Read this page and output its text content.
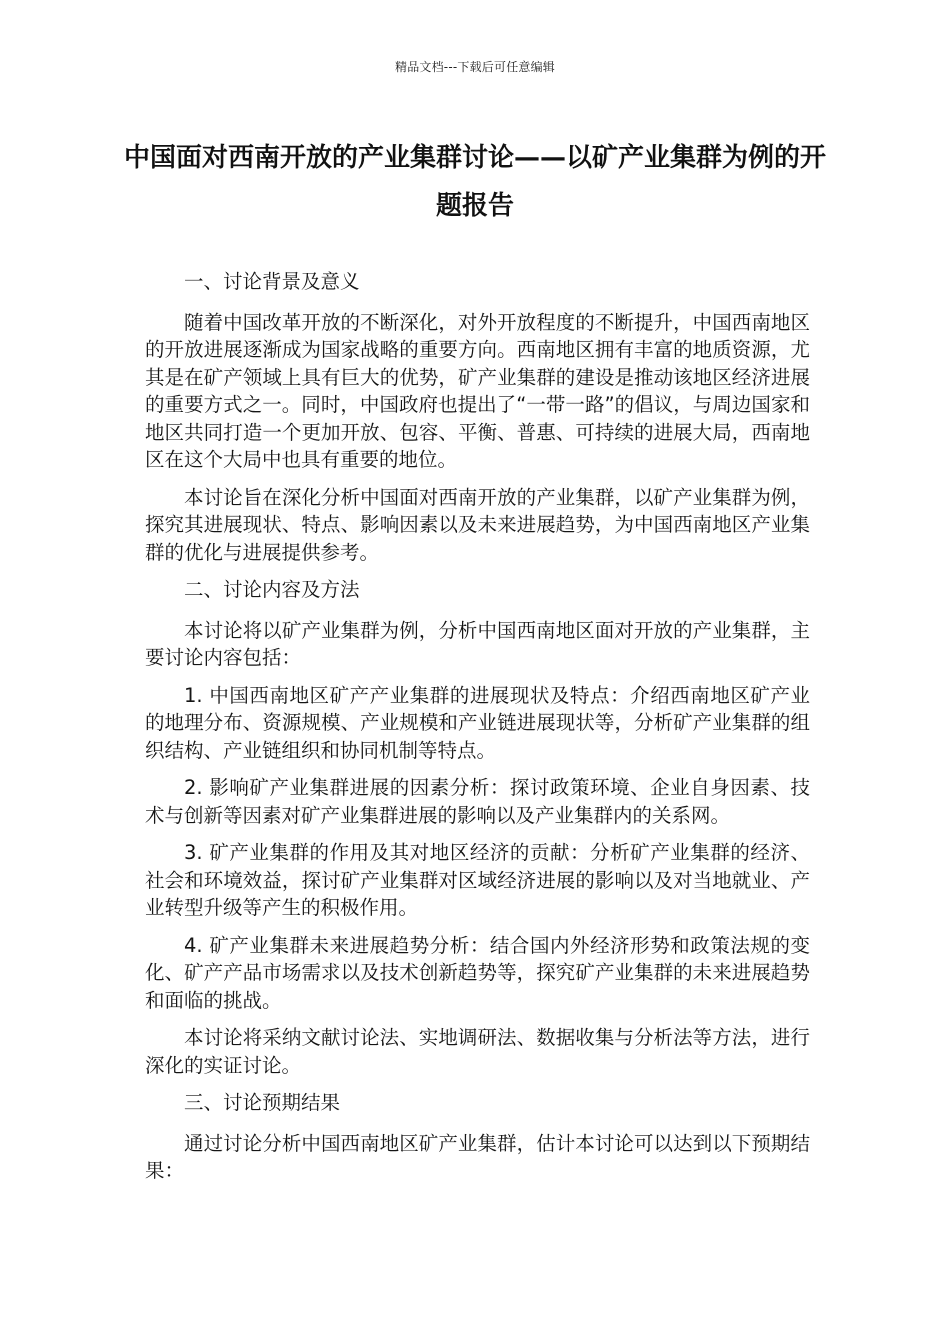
精品文档---下载后可任意编辑
中国面对西南开放的产业集群讨论——以矿产业集群为例的开题报告

一、讨论背景及意义

随着中国改革开放的不断深化，对外开放程度的不断提升，中国西南地区的开放进展逐渐成为国家战略的重要方向。西南地区拥有丰富的地质资源，尤其是在矿产领域上具有巨大的优势，矿产业集群的建设是推动该地区经济进展的重要方式之一。同时，中国政府也提出了“一带一路”的倡议，与周边国家和地区共同打造一个更加开放、包容、平衡、普惠、可持续的进展大局，西南地区在这个大局中也具有重要的地位。

本讨论旨在深化分析中国面对西南开放的产业集群，以矿产业集群为例，探究其进展现状、特点、影响因素以及未来进展趋势，为中国西南地区产业集群的优化与进展提供参考。

二、讨论内容及方法

本讨论将以矿产业集群为例，分析中国西南地区面对开放的产业集群，主要讨论内容包括：

1. 中国西南地区矿产产业集群的进展现状及特点：介绍西南地区矿产业的地理分布、资源规模、产业规模和产业链进展现状等，分析矿产业集群的组织结构、产业链组织和协同机制等特点。

2. 影响矿产业集群进展的因素分析：探讨政策环境、企业自身因素、技术与创新等因素对矿产业集群进展的影响以及产业集群内的关系网。

3. 矿产业集群的作用及其对地区经济的贡献：分析矿产业集群的经济、社会和环境效益，探讨矿产业集群对区域经济进展的影响以及对当地就业、产业转型升级等产生的积极作用。

4. 矿产业集群未来进展趋势分析：结合国内外经济形势和政策法规的变化、矿产产品市场需求以及技术创新趋势等，探究矿产业集群的未来进展趋势和面临的挑战。

本讨论将采纳文献讨论法、实地调研法、数据收集与分析法等方法，进行深化的实证讨论。

三、讨论预期结果

通过讨论分析中国西南地区矿产业集群，估计本讨论可以达到以下预期结果：
